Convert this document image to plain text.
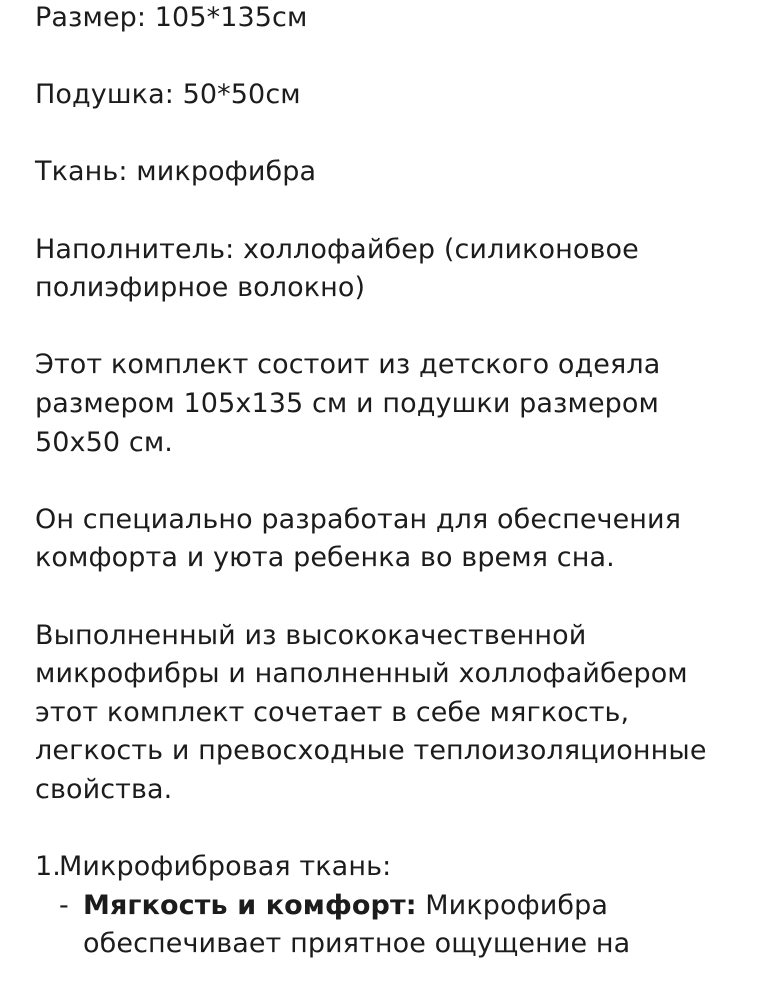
Размер: 105*135см

Подушка: 50*50см

Ткань: микрофибра

Наполнитель: холлофайбер (силиконовое полиэфирное волокно)

Этот комплект состоит из детского одеяла размером 105х135 см и подушки размером 50х50 см.

Он специально разработан для обеспечения комфорта и уюта ребенка во время сна.

Выполненный из высококачественной микрофибры и наполненный холлофайбером этот комплект сочетает в себе мягкость, легкость и превосходные теплоизоляционные свойства.

1.Микрофибровая ткань:
- Мягкость и комфорт: Микрофибра обеспечивает приятное ощущение на
